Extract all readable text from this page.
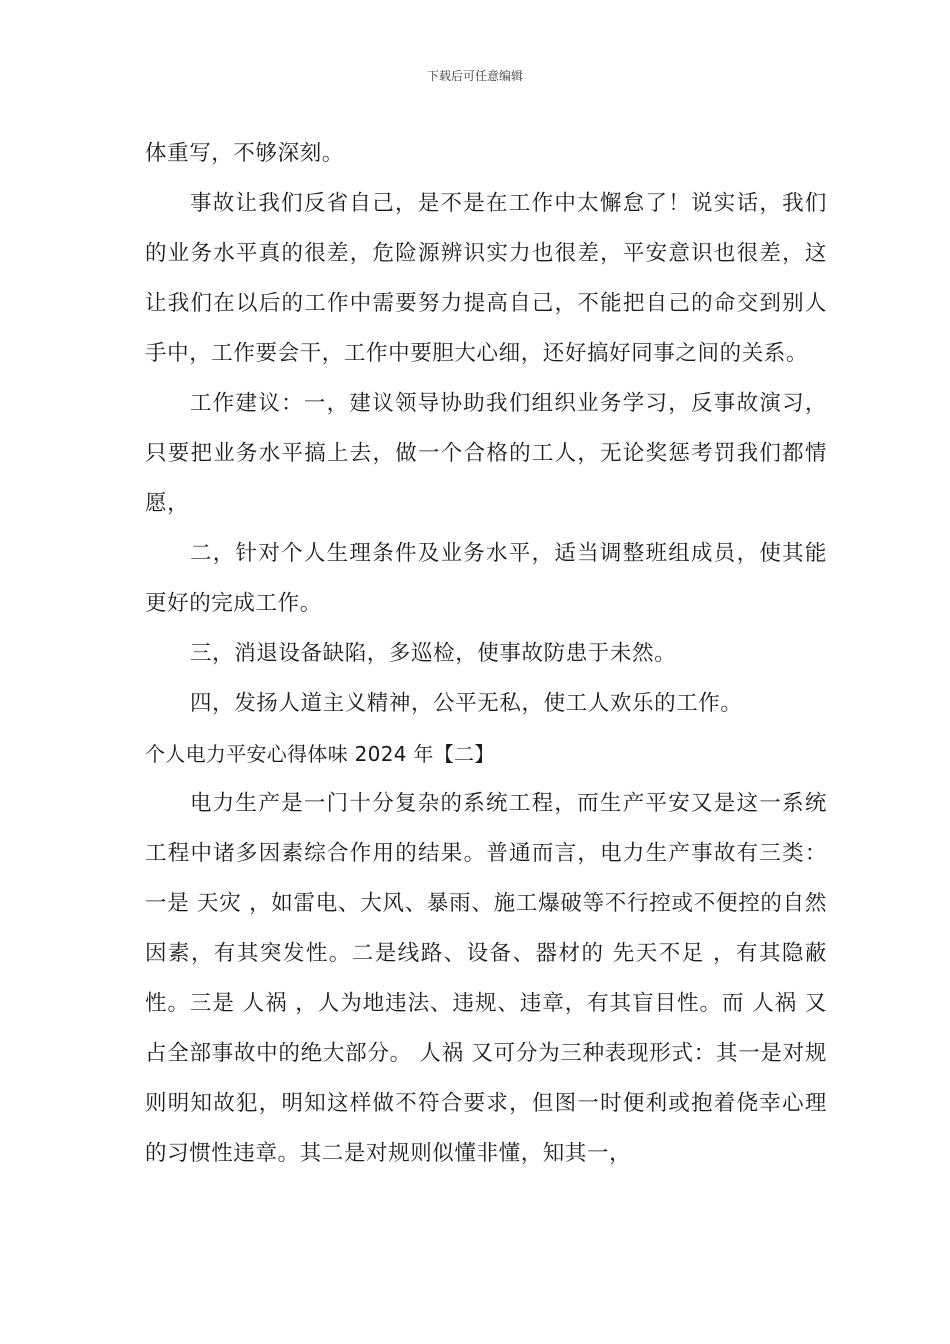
下载后可任意编辑

体重写，不够深刻。

事故让我们反省自己，是不是在工作中太懈怠了！说实话，我们的业务水平真的很差，危险源辨识实力也很差，平安意识也很差，这让我们在以后的工作中需要努力提高自己，不能把自己的命交到别人手中，工作要会干，工作中要胆大心细，还好搞好同事之间的关系。

工作建议：一，建议领导协助我们组织业务学习，反事故演习，只要把业务水平搞上去，做一个合格的工人，无论奖惩考罚我们都情愿，

二，针对个人生理条件及业务水平，适当调整班组成员，使其能更好的完成工作。

三，消退设备缺陷，多巡检，使事故防患于未然。

四，发扬人道主义精神，公平无私，使工人欢乐的工作。

个人电力平安心得体味 2024 年【二】

电力生产是一门十分复杂的系统工程，而生产平安又是这一系统工程中诸多因素综合作用的结果。普通而言，电力生产事故有三类：一是 天灾 ，如雷电、大风、暴雨、施工爆破等不行控或不便控的自然因素，有其突发性。二是线路、设备、器材的 先天不足 ，有其隐蔽性。三是 人祸 ，人为地违法、违规、违章，有其盲目性。而 人祸 又占全部事故中的绝大部分。 人祸 又可分为三种表现形式：其一是对规则明知故犯，明知这样做不符合要求，但图一时便利或抱着侥幸心理的习惯性违章。其二是对规则似懂非懂，知其一，
